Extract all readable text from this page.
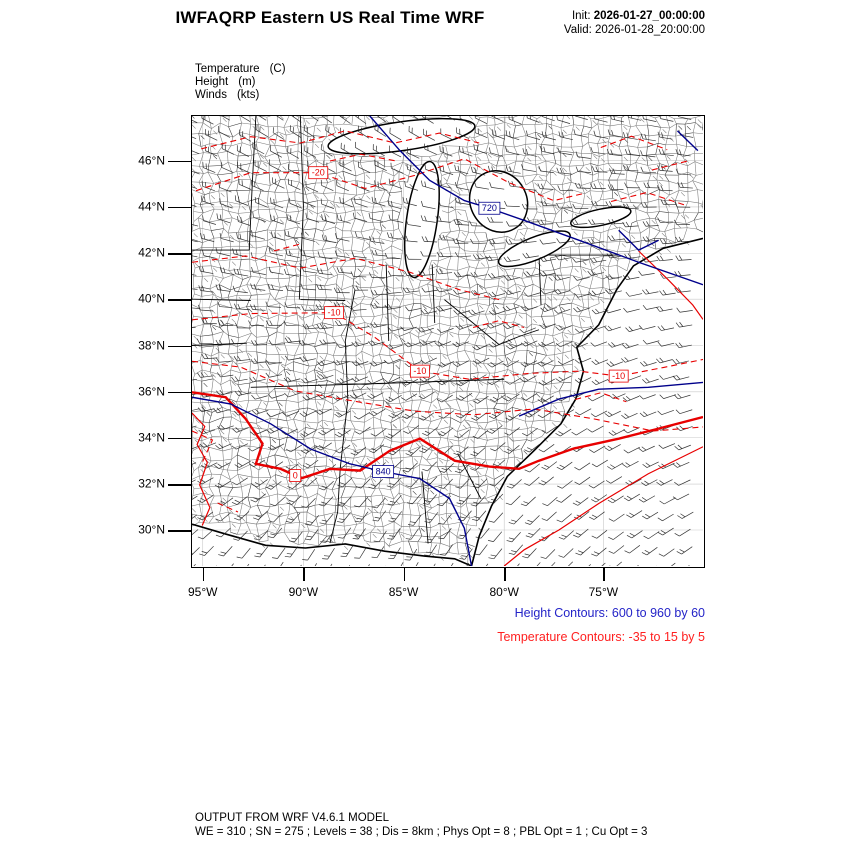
IWFAQRP Eastern US Real Time WRF	Init: 2026-01-27_00:00:00
Valid: 2026-01-28_20:00:00
Temperature (C)
Height (m)
Winds (kts)
46°N
44°N
42°N
40°N
38°N
36°N
34°N
32°N
30°N
95°W	90°W	85°W	80°W	75°W
Height Contours: 600 to 960 by 60
Temperature Contours: -35 to 15 by 5
OUTPUT FROM WRF V4.6.1 MODEL
WE = 310 ; SN = 275 ; Levels = 38 ; Dis = 8km ; Phys Opt = 8 ; PBL Opt = 1 ; Cu Opt = 3
